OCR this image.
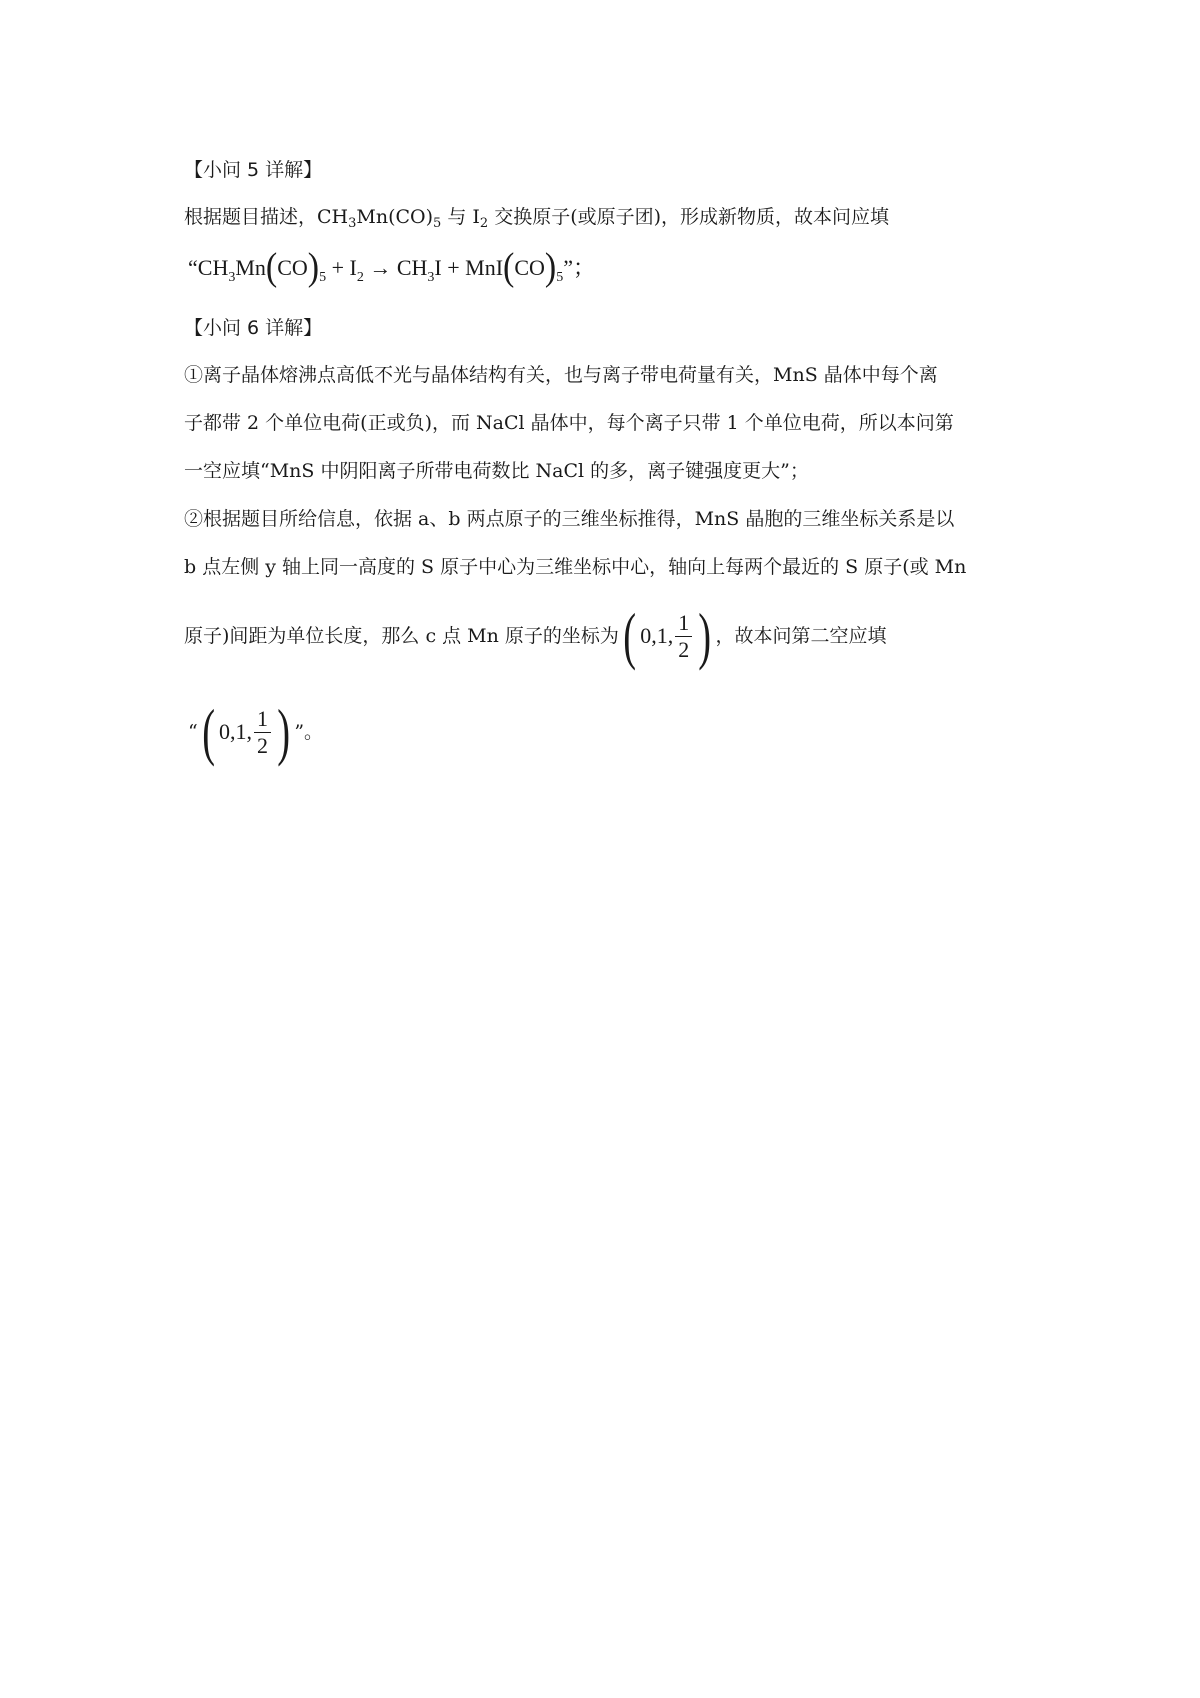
【小问 5 详解】
根据题目描述，$CH_3Mn(CO)_5$ 与 $I_2$ 交换原子(或原子团)，形成新物质，故本问应填
“$CH_3Mn(CO)_5 + I_2 \to CH_3I + MnI(CO)_5$”；
【小问 6 详解】
①离子晶体熔沸点高低不光与晶体结构有关，也与离子带电荷量有关，MnS 晶体中每个离
子都带 2 个单位电荷(正或负)，而 NaCl 晶体中，每个离子只带 1 个单位电荷，所以本问第
一空应填“MnS 中阴阳离子所带电荷数比 NaCl 的多，离子键强度更大”；
②根据题目所给信息，依据 a、b 两点原子的三维坐标推得，MnS 晶胞的三维坐标关系是以
b 点左侧 y 轴上同一高度的 S 原子中心为三维坐标中心，轴向上每两个最近的 S 原子(或 Mn
原子)间距为单位长度，那么 c 点 Mn 原子的坐标为 ( 0,1, $\frac{1}{2}$ ) ，故本问第二空应填
“ ( 0,1, $\frac{1}{2}$ ) ”。
